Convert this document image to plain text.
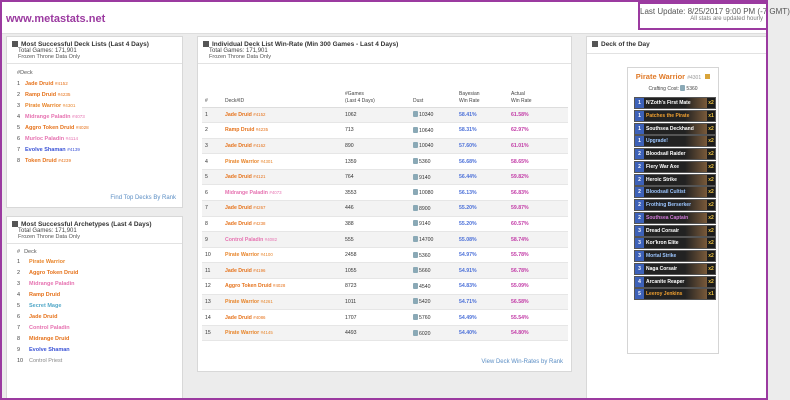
www.metastats.net
Last Update: 8/25/2017 9:00 PM (-7 GMT)
All stats are updated hourly
Most Successful Deck Lists (Last 4 Days)
Total Games: 171,901
Frozen Throne Data Only
#Deck
1 Jade Druid #4152
2 Ramp Druid #4235
3 Pirate Warrior #4301
4 Midrange Paladin #4073
5 Aggro Token Druid #4028
6 Murloc Paladin #4114
7 Evolve Shaman #4139
8 Token Druid #4239
Find Top Decks By Rank
Most Successful Archetypes (Last 4 Days)
Total Games: 171,901
Frozen Throne Data Only
# Deck
1 Pirate Warrior
2 Aggro Token Druid
3 Midrange Paladin
4 Ramp Druid
5 Secret Mage
6 Jade Druid
7 Control Paladin
8 Midrange Druid
9 Evolve Shaman
10 Control Priest
Individual Deck List Win-Rate (Min 300 Games - Last 4 Days)
Total Games: 171,901
Frozen Throne Data Only
#	Deck#ID	#Games
(Last 4 Days)	Dust	Bayesian
Win Rate	Actual
Win Rate
1	Jade Druid #4152	1062	10340	58.41%	61.58%
2	Ramp Druid #4235	713	10640	58.31%	62.97%
3	Jade Druid #4162	890	10040	57.60%	61.01%
4	Pirate Warrior #4301	1359	5360	56.68%	58.65%
5	Jade Druid #4121	764	9140	56.44%	59.82%
6	Midrange Paladin #4073	3553	10080	56.13%	56.83%
7	Jade Druid #4267	446	8900	55.20%	59.87%
8	Jade Druid #4238	388	9140	55.20%	60.57%
9	Control Paladin #4082	555	14700	55.08%	58.74%
10	Pirate Warrior #4100	2458	5360	54.97%	55.78%
11	Jade Druid #4196	1055	5660	54.91%	56.78%
12	Aggro Token Druid #4028	8723	4540	54.83%	55.09%
13	Pirate Warrior #4261	1011	5420	54.71%	56.58%
14	Jade Druid #4086	1707	5760	54.49%	55.54%
15	Pirate Warrior #4145	4493	6020	54.40%	54.80%
View Deck Win-Rates by Rank
Deck of the Day
Pirate Warrior #4301
Crafting Cost: 5360
1	N'Zoth's First Mate	x2
1	Patches the Pirate	x1
1	Southsea Deckhand	x2
1	Upgrade!	x2
2	Bloodsail Raider	x2
2	Fiery War Axe	x2
2	Heroic Strike	x2
2	Bloodsail Cultist	x2
2	Frothing Berserker	x2
2	Southsea Captain	x2
3	Dread Corsair	x2
3	Kor'kron Elite	x2
3	Mortal Strike	x2
3	Naga Corsair	x2
4	Arcanite Reaper	x2
5	Leeroy Jenkins	x1
